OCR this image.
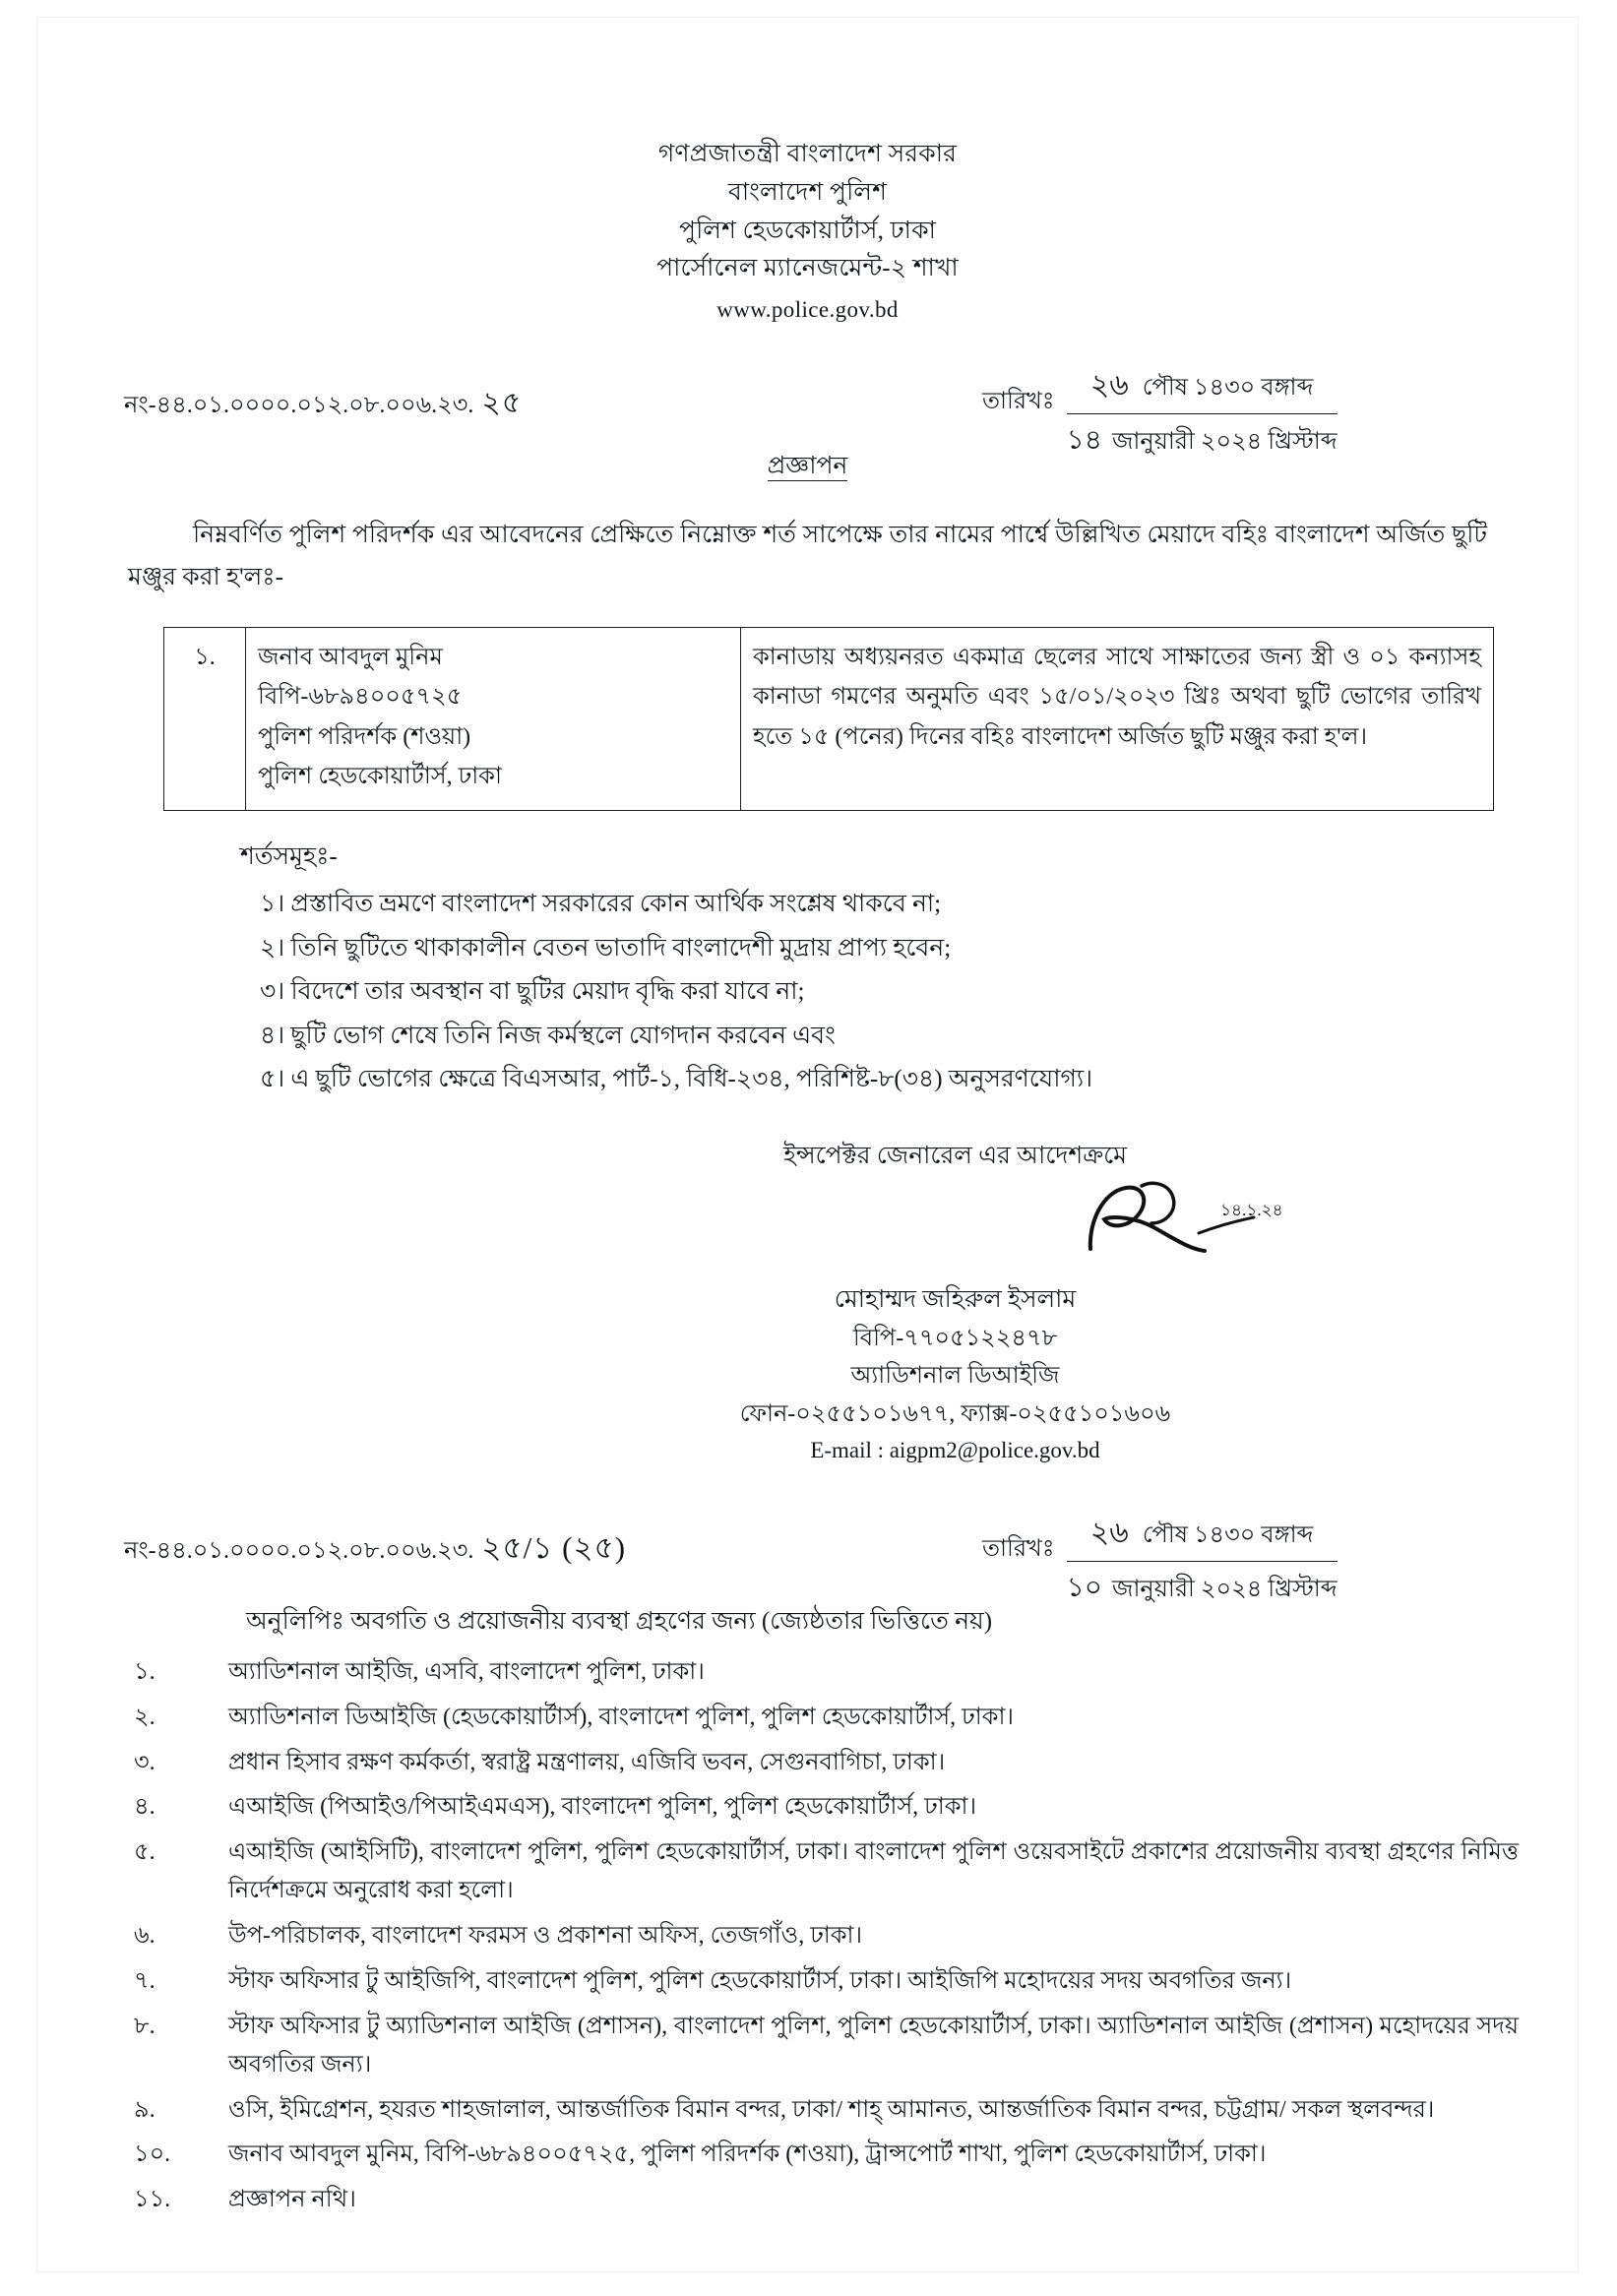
গণপ্রজাতন্ত্রী বাংলাদেশ সরকার
বাংলাদেশ পুলিশ
পুলিশ হেডকোয়ার্টার্স, ঢাকা
পার্সোনেল ম্যানেজমেন্ট-২ শাখা
www.police.gov.bd
নং-৪৪.০১.০০০০.০১২.০৮.০০৬.২৩. ২৫	তারিখঃ	২৬ পৌষ ১৪৩০ বঙ্গাব্দ
১৪ জানুয়ারী ২০২৪ খ্রিস্টাব্দ
প্রজ্ঞাপন
নিম্নবর্ণিত পুলিশ পরিদর্শক এর আবেদনের প্রেক্ষিতে নিম্নোক্ত শর্ত সাপেক্ষে তার নামের পার্শ্বে উল্লিখিত মেয়াদে বহিঃ বাংলাদেশ অর্জিত ছুটি মঞ্জুর করা হ'লঃ-
১.	জনাব আবদুল মুনিম
বিপি-৬৮৯৪০০৫৭২৫
পুলিশ পরিদর্শক (শওয়া)
পুলিশ হেডকোয়ার্টার্স, ঢাকা
	কানাডায় অধ্যয়নরত একমাত্র ছেলের সাথে সাক্ষাতের জন্য স্ত্রী ও ০১ কন্যাসহ কানাডা গমণের অনুমতি এবং ১৫/০১/২০২৩ খ্রিঃ অথবা ছুটি ভোগের তারিখ হতে ১৫ (পনের) দিনের বহিঃ বাংলাদেশ অর্জিত ছুটি মঞ্জুর করা হ'ল।
শর্তসমূহঃ-
১। প্রস্তাবিত ভ্রমণে বাংলাদেশ সরকারের কোন আর্থিক সংশ্লেষ থাকবে না;
২। তিনি ছুটিতে থাকাকালীন বেতন ভাতাদি বাংলাদেশী মুদ্রায় প্রাপ্য হবেন;
৩। বিদেশে তার অবস্থান বা ছুটির মেয়াদ বৃদ্ধি করা যাবে না;
৪। ছুটি ভোগ শেষে তিনি নিজ কর্মস্থলে যোগদান করবেন এবং
৫। এ ছুটি ভোগের ক্ষেত্রে বিএসআর, পার্ট-১, বিধি-২৩৪, পরিশিষ্ট-৮(৩৪) অনুসরণযোগ্য।
ইন্সপেক্টর জেনারেল এর আদেশক্রমে
১৪.১.২৪
মোহাম্মদ জহিরুল ইসলাম
বিপি-৭৭০৫১২২৪৭৮
অ্যাডিশনাল ডিআইজি
ফোন-০২৫৫১০১৬৭৭, ফ্যাক্স-০২৫৫১০১৬০৬
E-mail : aigpm2@police.gov.bd
নং-৪৪.০১.০০০০.০১২.০৮.০০৬.২৩. ২৫/১ (২৫)	তারিখঃ	২৬ পৌষ ১৪৩০ বঙ্গাব্দ
১০ জানুয়ারী ২০২৪ খ্রিস্টাব্দ
অনুলিপিঃ অবগতি ও প্রয়োজনীয় ব্যবস্থা গ্রহণের জন্য (জ্যেষ্ঠতার ভিত্তিতে নয়)
১.	অ্যাডিশনাল আইজি, এসবি, বাংলাদেশ পুলিশ, ঢাকা।
২.	অ্যাডিশনাল ডিআইজি (হেডকোয়ার্টার্স), বাংলাদেশ পুলিশ, পুলিশ হেডকোয়ার্টার্স, ঢাকা।
৩.	প্রধান হিসাব রক্ষণ কর্মকর্তা, স্বরাষ্ট্র মন্ত্রণালয়, এজিবি ভবন, সেগুনবাগিচা, ঢাকা।
৪.	এআইজি (পিআইও/পিআইএমএস), বাংলাদেশ পুলিশ, পুলিশ হেডকোয়ার্টার্স, ঢাকা।
৫.	এআইজি (আইসিটি), বাংলাদেশ পুলিশ, পুলিশ হেডকোয়ার্টার্স, ঢাকা। বাংলাদেশ পুলিশ ওয়েবসাইটে প্রকাশের প্রয়োজনীয় ব্যবস্থা গ্রহণের নিমিত্ত নির্দেশক্রমে অনুরোধ করা হলো।
৬.	উপ-পরিচালক, বাংলাদেশ ফরমস ও প্রকাশনা অফিস, তেজগাঁও, ঢাকা।
৭.	স্টাফ অফিসার টু আইজিপি, বাংলাদেশ পুলিশ, পুলিশ হেডকোয়ার্টার্স, ঢাকা। আইজিপি মহোদয়ের সদয় অবগতির জন্য।
৮.	স্টাফ অফিসার টু অ্যাডিশনাল আইজি (প্রশাসন), বাংলাদেশ পুলিশ, পুলিশ হেডকোয়ার্টার্স, ঢাকা। অ্যাডিশনাল আইজি (প্রশাসন) মহোদয়ের সদয় অবগতির জন্য।
৯.	ওসি, ইমিগ্রেশন, হযরত শাহজালাল, আন্তর্জাতিক বিমান বন্দর, ঢাকা/ শাহ্ আমানত, আন্তর্জাতিক বিমান বন্দর, চট্টগ্রাম/ সকল স্থলবন্দর।
১০.	জনাব আবদুল মুনিম, বিপি-৬৮৯৪০০৫৭২৫, পুলিশ পরিদর্শক (শওয়া), ট্রান্সপোর্ট শাখা, পুলিশ হেডকোয়ার্টার্স, ঢাকা।
১১.	প্রজ্ঞাপন নথি।
